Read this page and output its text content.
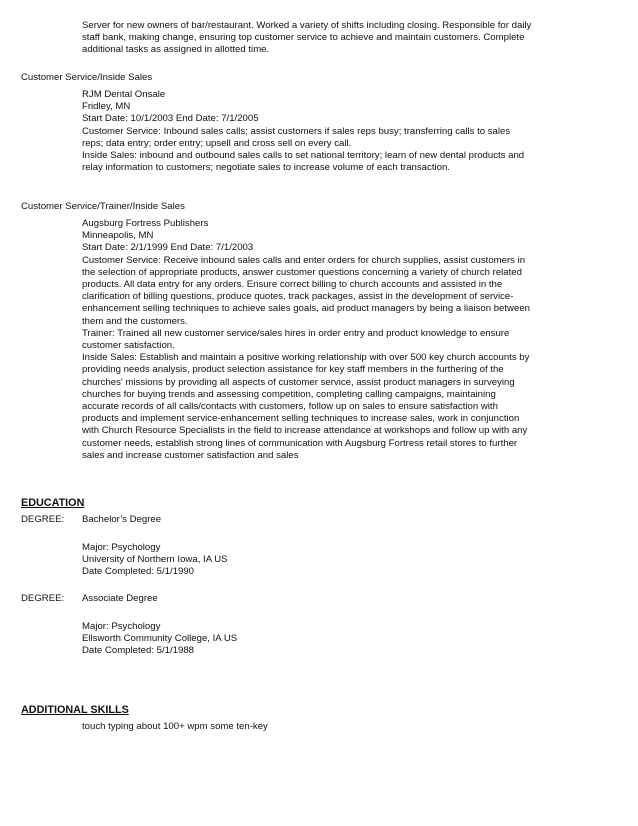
Server for new owners of bar/restaurant. Worked a variety of shifts including closing. Responsible for daily
staff bank, making change, ensuring top customer service to achieve and maintain customers. Complete
additional tasks as assigned in allotted time.
Customer Service/Inside Sales
RJM Dental Onsale
Fridley, MN
Start Date: 10/1/2003 End Date: 7/1/2005
Customer Service: Inbound sales calls; assist customers if sales reps busy; transferring calls to sales
reps; data entry; order entry; upsell and cross sell on every call.
Inside Sales: inbound and outbound sales calls to set national territory; learn of new dental products and
relay information to customers; negotiate sales to increase volume of each transaction.
Customer Service/Trainer/Inside Sales
Augsburg Fortress Publishers
Minneapolis, MN
Start Date: 2/1/1999 End Date: 7/1/2003
Customer Service: Receive inbound sales calls and enter orders for church supplies, assist customers in
the selection of appropriate products, answer customer questions concerning a variety of church related
products. All data entry for any orders. Ensure correct billing to church accounts and assisted in the
clarification of billing questions, produce quotes, track packages, assist in the development of service-
enhancement selling techniques to achieve sales goals, aid product managers by being a liaison between
them and the customers.
Trainer: Trained all new customer service/sales hires in order entry and product knowledge to ensure
customer satisfaction.
Inside Sales: Establish and maintain a positive working relationship with over 500 key church accounts by
providing needs analysis, product selection assistance for key staff members in the furthering of the
churches' missions by providing all aspects of customer service, assist product managers in surveying
churches for buying trends and assessing competition, completing calling campaigns, maintaining
accurate records of all calls/contacts with customers, follow up on sales to ensure satisfaction with
products and implement service-enhancement selling techniques to increase sales, work in conjunction
with Church Resource Specialists in the field to increase attendance at workshops and follow up with any
customer needs, establish strong lines of communication with Augsburg Fortress retail stores to further
sales and increase customer satisfaction and sales
EDUCATION
DEGREE: Bachelor’s Degree
Major: Psychology
University of Northern Iowa, IA US
Date Completed: 5/1/1990
DEGREE: Associate Degree
Major: Psychology
Ellsworth Community College, IA US
Date Completed: 5/1/1988
ADDITIONAL SKILLS
touch typing about 100+ wpm some ten-key
